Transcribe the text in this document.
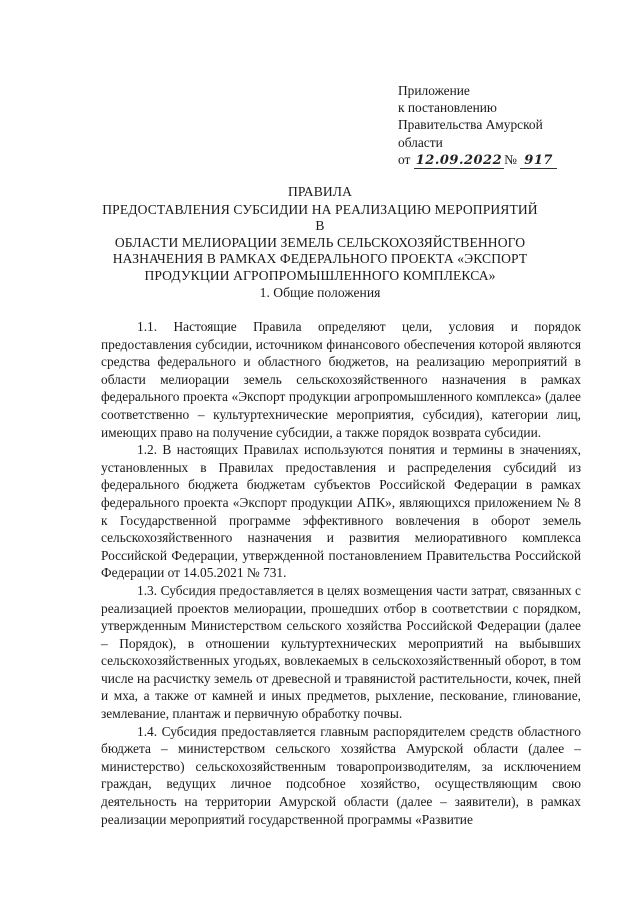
Приложение
к постановлению
Правительства Амурской
области
от 12.09.2022 № 917
ПРАВИЛА
ПРЕДОСТАВЛЕНИЯ СУБСИДИИ НА РЕАЛИЗАЦИЮ МЕРОПРИЯТИЙ В
ОБЛАСТИ МЕЛИОРАЦИИ ЗЕМЕЛЬ СЕЛЬСКОХОЗЯЙСТВЕННОГО
НАЗНАЧЕНИЯ В РАМКАХ ФЕДЕРАЛЬНОГО ПРОЕКТА «ЭКСПОРТ
ПРОДУКЦИИ АГРОПРОМЫШЛЕННОГО КОМПЛЕКСА»
1. Общие положения

1.1. Настоящие Правила определяют цели, условия и порядок предоставления субсидии, источником финансового обеспечения которой являются средства федерального и областного бюджетов, на реализацию мероприятий в области мелиорации земель сельскохозяйственного назначения в рамках федерального проекта «Экспорт продукции агропромышленного комплекса» (далее соответственно – культуртехнические мероприятия, субсидия), категории лиц, имеющих право на получение субсидии, а также порядок возврата субсидии.

1.2. В настоящих Правилах используются понятия и термины в значениях, установленных в Правилах предоставления и распределения субсидий из федерального бюджета бюджетам субъектов Российской Федерации в рамках федерального проекта «Экспорт продукции АПК», являющихся приложением № 8 к Государственной программе эффективного вовлечения в оборот земель сельскохозяйственного назначения и развития мелиоративного комплекса Российской Федерации, утвержденной постановлением Правительства Российской Федерации от 14.05.2021 № 731.

1.3. Субсидия предоставляется в целях возмещения части затрат, связанных с реализацией проектов мелиорации, прошедших отбор в соответствии с порядком, утвержденным Министерством сельского хозяйства Российской Федерации (далее – Порядок), в отношении культуртехнических мероприятий на выбывших сельскохозяйственных угодьях, вовлекаемых в сельскохозяйственный оборот, в том числе на расчистку земель от древесной и травянистой растительности, кочек, пней и мха, а также от камней и иных предметов, рыхление, пескование, глинование, землевание, плантаж и первичную обработку почвы.

1.4. Субсидия предоставляется главным распорядителем средств областного бюджета – министерством сельского хозяйства Амурской области (далее – министерство) сельскохозяйственным товаропроизводителям, за исключением граждан, ведущих личное подсобное хозяйство, осуществляющим свою деятельность на территории Амурской области (далее – заявители), в рамках реализации мероприятий государственной программы «Развитие
